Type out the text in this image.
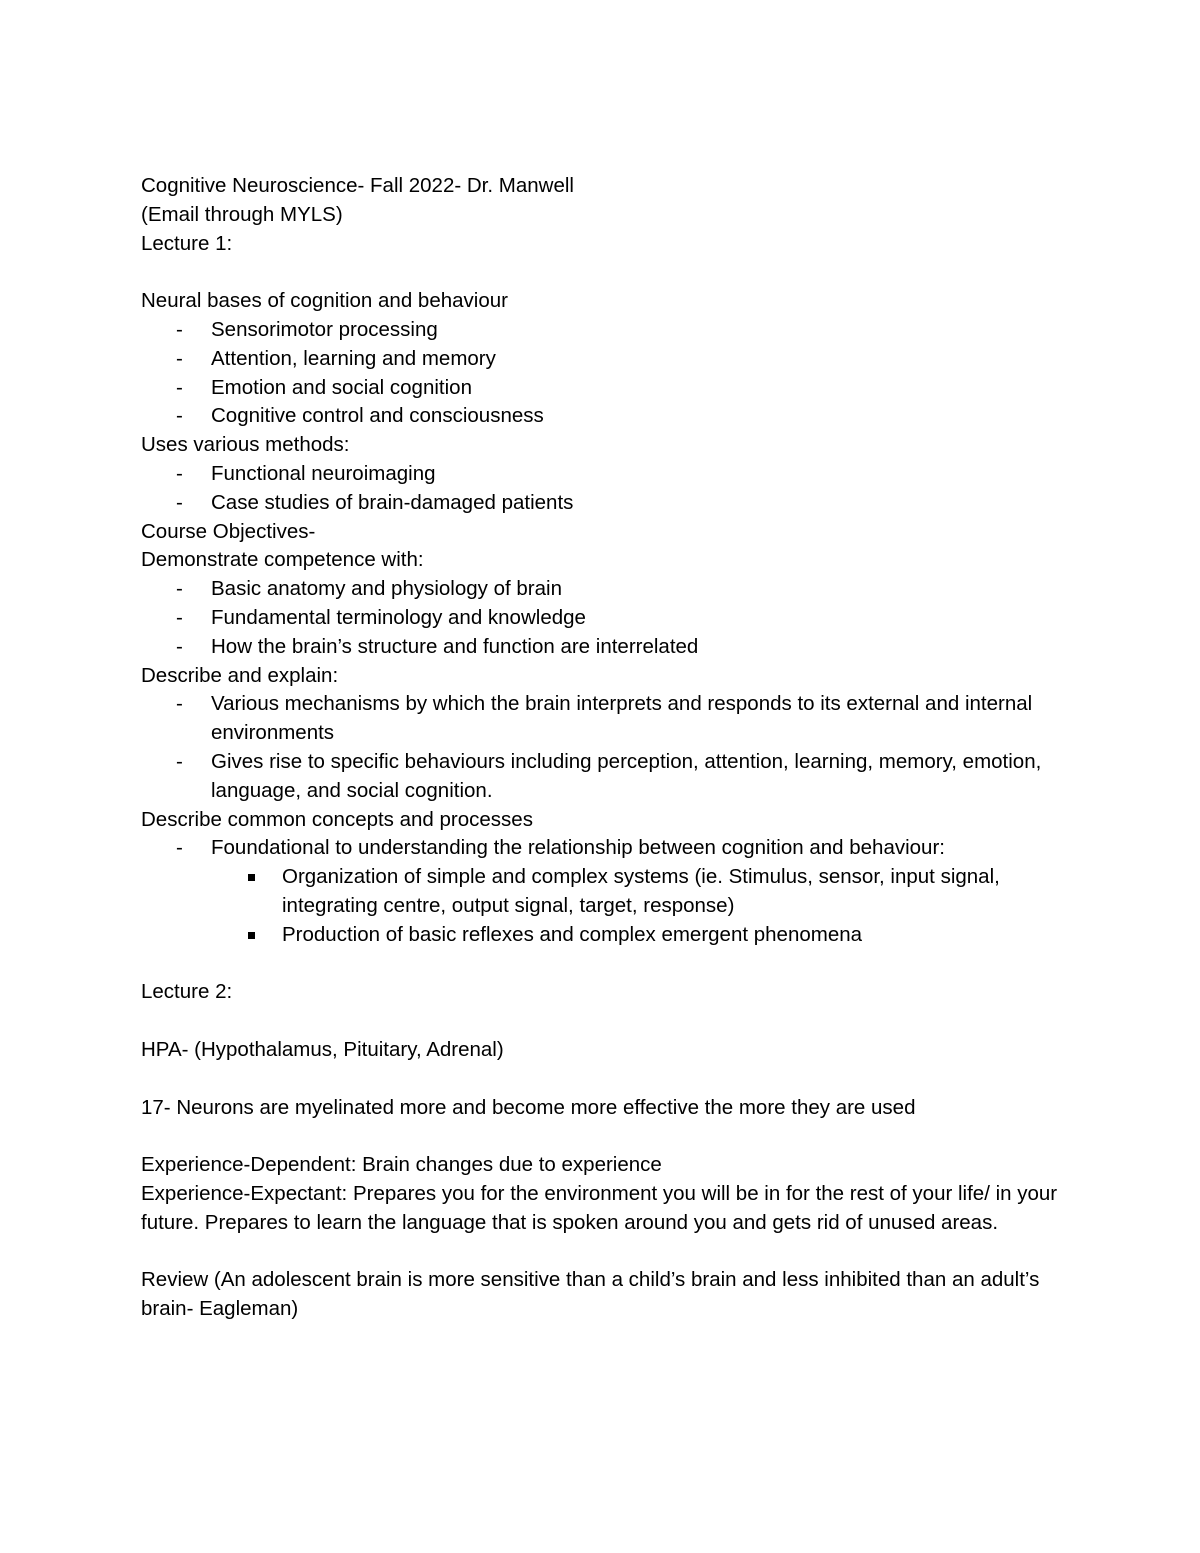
Cognitive Neuroscience- Fall 2022- Dr. Manwell
(Email through MYLS)
Lecture 1:
Neural bases of cognition and behaviour
-	Sensorimotor processing
-	Attention, learning and memory
-	Emotion and social cognition
-	Cognitive control and consciousness
Uses various methods:
-	Functional neuroimaging
-	Case studies of brain-damaged patients
Course Objectives-
Demonstrate competence with:
-	Basic anatomy and physiology of brain
-	Fundamental terminology and knowledge
-	How the brain’s structure and function are interrelated
Describe and explain:
-	Various mechanisms by which the brain interprets and responds to its external and internal environments
-	Gives rise to specific behaviours including perception, attention, learning, memory, emotion, language, and social cognition.
Describe common concepts and processes
-	Foundational to understanding the relationship between cognition and behaviour:
Organization of simple and complex systems (ie. Stimulus, sensor, input signal, integrating centre, output signal, target, response)
Production of basic reflexes and complex emergent phenomena
Lecture 2:
HPA- (Hypothalamus, Pituitary, Adrenal)
17- Neurons are myelinated more and become more effective the more they are used
Experience-Dependent: Brain changes due to experience
Experience-Expectant: Prepares you for the environment you will be in for the rest of your life/ in your future. Prepares to learn the language that is spoken around you and gets rid of unused areas.
Review (An adolescent brain is more sensitive than a child’s brain and less inhibited than an adult’s brain- Eagleman)
